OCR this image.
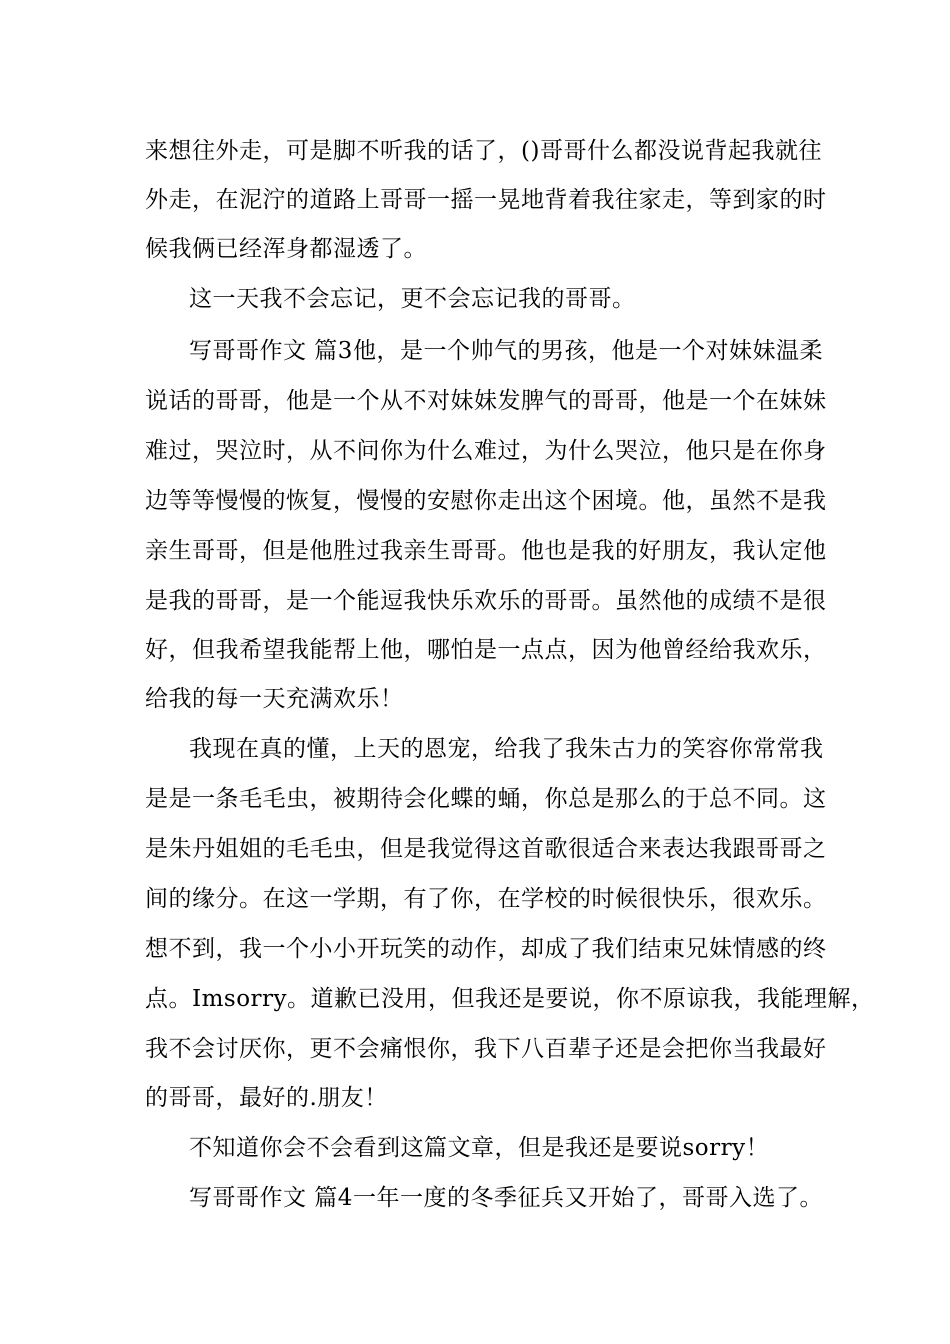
来想往外走，可是脚不听我的话了，()哥哥什么都没说背起我就往
外走，在泥泞的道路上哥哥一摇一晃地背着我往家走，等到家的时
候我俩已经浑身都湿透了。
这一天我不会忘记，更不会忘记我的哥哥。
写哥哥作文 篇3他，是一个帅气的男孩，他是一个对妹妹温柔
说话的哥哥，他是一个从不对妹妹发脾气的哥哥，他是一个在妹妹
难过，哭泣时，从不问你为什么难过，为什么哭泣，他只是在你身
边等等慢慢的恢复，慢慢的安慰你走出这个困境。他，虽然不是我
亲生哥哥，但是他胜过我亲生哥哥。他也是我的好朋友，我认定他
是我的哥哥，是一个能逗我快乐欢乐的哥哥。虽然他的成绩不是很
好，但我希望我能帮上他，哪怕是一点点，因为他曾经给我欢乐，
给我的每一天充满欢乐！
我现在真的懂，上天的恩宠，给我了我朱古力的笑容你常常我
是是一条毛毛虫，被期待会化蝶的蛹，你总是那么的于总不同。这
是朱丹姐姐的毛毛虫，但是我觉得这首歌很适合来表达我跟哥哥之
间的缘分。在这一学期，有了你，在学校的时候很快乐，很欢乐。
想不到，我一个小小开玩笑的动作，却成了我们结束兄妹情感的终
点。Imsorry。道歉已没用，但我还是要说，你不原谅我，我能理解，
我不会讨厌你，更不会痛恨你，我下八百辈子还是会把你当我最好
的哥哥，最好的.朋友！
不知道你会不会看到这篇文章，但是我还是要说sorry！
写哥哥作文 篇4一年一度的冬季征兵又开始了，哥哥入选了。
